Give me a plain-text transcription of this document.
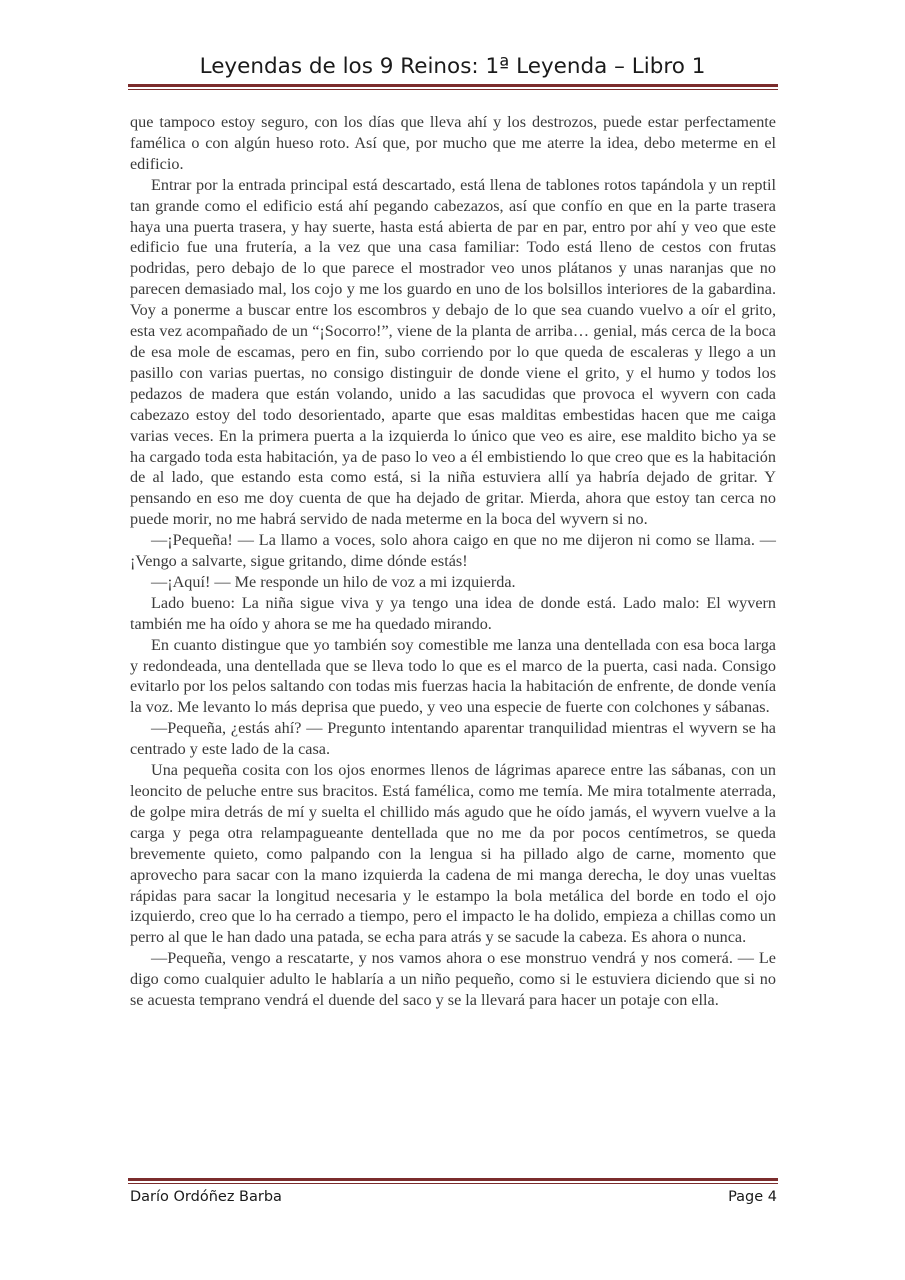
Leyendas de los 9 Reinos: 1ª Leyenda – Libro 1

que tampoco estoy seguro, con los días que lleva ahí y los destrozos, puede estar perfectamente famélica o con algún hueso roto. Así que, por mucho que me aterre la idea, debo meterme en el edificio.

Entrar por la entrada principal está descartado, está llena de tablones rotos tapándola y un reptil tan grande como el edificio está ahí pegando cabezazos, así que confío en que en la parte trasera haya una puerta trasera, y hay suerte, hasta está abierta de par en par, entro por ahí y veo que este edificio fue una frutería, a la vez que una casa familiar: Todo está lleno de cestos con frutas podridas, pero debajo de lo que parece el mostrador veo unos plátanos y unas naranjas que no parecen demasiado mal, los cojo y me los guardo en uno de los bolsillos interiores de la gabardina. Voy a ponerme a buscar entre los escombros y debajo de lo que sea cuando vuelvo a oír el grito, esta vez acompañado de un “¡Socorro!”, viene de la planta de arriba… genial, más cerca de la boca de esa mole de escamas, pero en fin, subo corriendo por lo que queda de escaleras y llego a un pasillo con varias puertas, no consigo distinguir de donde viene el grito, y el humo y todos los pedazos de madera que están volando, unido a las sacudidas que provoca el wyvern con cada cabezazo estoy del todo desorientado, aparte que esas malditas embestidas hacen que me caiga varias veces. En la primera puerta a la izquierda lo único que veo es aire, ese maldito bicho ya se ha cargado toda esta habitación, ya de paso lo veo a él embistiendo lo que creo que es la habitación de al lado, que estando esta como está, si la niña estuviera allí ya habría dejado de gritar. Y pensando en eso me doy cuenta de que ha dejado de gritar. Mierda, ahora que estoy tan cerca no puede morir, no me habrá servido de nada meterme en la boca del wyvern si no.

—¡Pequeña! — La llamo a voces, solo ahora caigo en que no me dijeron ni como se llama. — ¡Vengo a salvarte, sigue gritando, dime dónde estás!

—¡Aquí! — Me responde un hilo de voz a mi izquierda.

Lado bueno: La niña sigue viva y ya tengo una idea de donde está. Lado malo: El wyvern también me ha oído y ahora se me ha quedado mirando.

En cuanto distingue que yo también soy comestible me lanza una dentellada con esa boca larga y redondeada, una dentellada que se lleva todo lo que es el marco de la puerta, casi nada. Consigo evitarlo por los pelos saltando con todas mis fuerzas hacia la habitación de enfrente, de donde venía la voz. Me levanto lo más deprisa que puedo, y veo una especie de fuerte con colchones y sábanas.

—Pequeña, ¿estás ahí? — Pregunto intentando aparentar tranquilidad mientras el wyvern se ha centrado y este lado de la casa.

Una pequeña cosita con los ojos enormes llenos de lágrimas aparece entre las sábanas, con un leoncito de peluche entre sus bracitos. Está famélica, como me temía. Me mira totalmente aterrada, de golpe mira detrás de mí y suelta el chillido más agudo que he oído jamás, el wyvern vuelve a la carga y pega otra relampagueante dentellada que no me da por pocos centímetros, se queda brevemente quieto, como palpando con la lengua si ha pillado algo de carne, momento que aprovecho para sacar con la mano izquierda la cadena de mi manga derecha, le doy unas vueltas rápidas para sacar la longitud necesaria y le estampo la bola metálica del borde en todo el ojo izquierdo, creo que lo ha cerrado a tiempo, pero el impacto le ha dolido, empieza a chillas como un perro al que le han dado una patada, se echa para atrás y se sacude la cabeza. Es ahora o nunca.

—Pequeña, vengo a rescatarte, y nos vamos ahora o ese monstruo vendrá y nos comerá. — Le digo como cualquier adulto le hablaría a un niño pequeño, como si le estuviera diciendo que si no se acuesta temprano vendrá el duende del saco y se la llevará para hacer un potaje con ella.

Darío Ordóñez Barba	Page 4
